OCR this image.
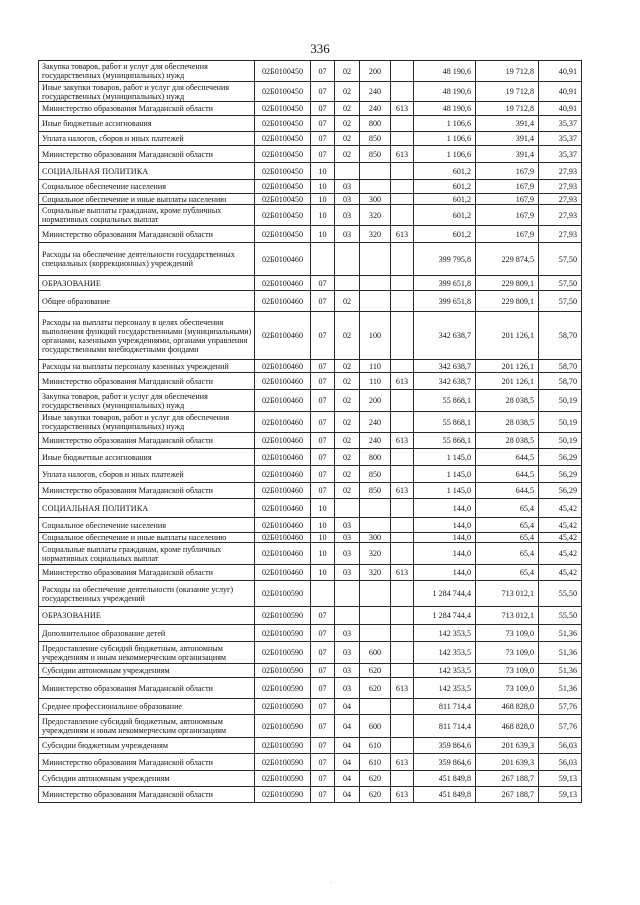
336
Закупка товаров, работ и услуг для обеспечения государственных (муниципальных) нужд	02Б0100450	07	02	200		48 190,6	19 712,8	40,91
Иные закупки товаров, работ и услуг для обеспечения государственных (муниципальных) нужд	02Б0100450	07	02	240		48 190,6	19 712,8	40,91
Министерство образования Магаданской области	02Б0100450	07	02	240	613	48 190,6	19 712,8	40,91
Иные бюджетные ассигнования	02Б0100450	07	02	800		1 106,6	391,4	35,37
Уплата налогов, сборов и иных платежей	02Б0100450	07	02	850		1 106,6	391,4	35,37
Министерство образования Магаданской области	02Б0100450	07	02	850	613	1 106,6	391,4	35,37
СОЦИАЛЬНАЯ ПОЛИТИКА	02Б0100450	10				601,2	167,9	27,93
Социальное обеспечение населения	02Б0100450	10	03			601,2	167,9	27,93
Социальное обеспечение и иные выплаты населению	02Б0100450	10	03	300		601,2	167,9	27,93
Социальные выплаты гражданам, кроме публичных нормативных социальных выплат	02Б0100450	10	03	320		601,2	167,9	27,93
Министерство образования Магаданской области	02Б0100450	10	03	320	613	601,2	167,9	27,93
Расходы на обеспечение деятельности государственных специальных (коррекционных) учреждений	02Б0100460					399 795,8	229 874,5	57,50
ОБРАЗОВАНИЕ	02Б0100460	07				399 651,8	229 809,1	57,50
Общее образование	02Б0100460	07	02			399 651,8	229 809,1	57,50
Расходы на выплаты персоналу в целях обеспечения выполнения функций государственными (муниципальными) органами, казенными учреждениями, органами управления государственными внебюджетными фондами	02Б0100460	07	02	100		342 638,7	201 126,1	58,70
Расходы на выплаты персоналу казенных учреждений	02Б0100460	07	02	110		342 638,7	201 126,1	58,70
Министерство образования Магаданской области	02Б0100460	07	02	110	613	342 638,7	201 126,1	58,70
Закупка товаров, работ и услуг для обеспечения государственных (муниципальных) нужд	02Б0100460	07	02	200		55 868,1	28 038,5	50,19
Иные закупки товаров, работ и услуг для обеспечения государственных (муниципальных) нужд	02Б0100460	07	02	240		55 868,1	28 038,5	50,19
Министерство образования Магаданской области	02Б0100460	07	02	240	613	55 868,1	28 038,5	50,19
Иные бюджетные ассигнования	02Б0100460	07	02	800		1 145,0	644,5	56,29
Уплата налогов, сборов и иных платежей	02Б0100460	07	02	850		1 145,0	644,5	56,29
Министерство образования Магаданской области	02Б0100460	07	02	850	613	1 145,0	644,5	56,29
СОЦИАЛЬНАЯ ПОЛИТИКА	02Б0100460	10				144,0	65,4	45,42
Социальное обеспечение населения	02Б0100460	10	03			144,0	65,4	45,42
Социальное обеспечение и иные выплаты населению	02Б0100460	10	03	300		144,0	65,4	45,42
Социальные выплаты гражданам, кроме публичных нормативных социальных выплат	02Б0100460	10	03	320		144,0	65,4	45,42
Министерство образования Магаданской области	02Б0100460	10	03	320	613	144,0	65,4	45,42
Расходы на обеспечение деятельности (оказание услуг) государственных учреждений	02Б0100590					1 284 744,4	713 012,1	55,50
ОБРАЗОВАНИЕ	02Б0100590	07				1 284 744,4	713 012,1	55,50
Дополнительное образование детей	02Б0100590	07	03			142 353,5	73 109,0	51,36
Предоставление субсидий бюджетным, автономным учреждениям и иным некоммерческим организациям	02Б0100590	07	03	600		142 353,5	73 109,0	51,36
Субсидии автономным учреждениям	02Б0100590	07	03	620		142 353,5	73 109,0	51,36
Министерство образования Магаданской области	02Б0100590	07	03	620	613	142 353,5	73 109,0	51,36
Среднее профессиональное образование	02Б0100590	07	04			811 714,4	468 828,0	57,76
Предоставление субсидий бюджетным, автономным учреждениям и иным некоммерческим организациям	02Б0100590	07	04	600		811 714,4	468 828,0	57,76
Субсидии бюджетным учреждениям	02Б0100590	07	04	610		359 864,6	201 639,3	56,03
Министерство образования Магаданской области	02Б0100590	07	04	610	613	359 864,6	201 639,3	56,03
Субсидии автономным учреждениям	02Б0100590	07	04	620		451 849,8	267 188,7	59,13
Министерство образования Магаданской области	02Б0100590	07	04	620	613	451 849,8	267 188,7	59,13
·
